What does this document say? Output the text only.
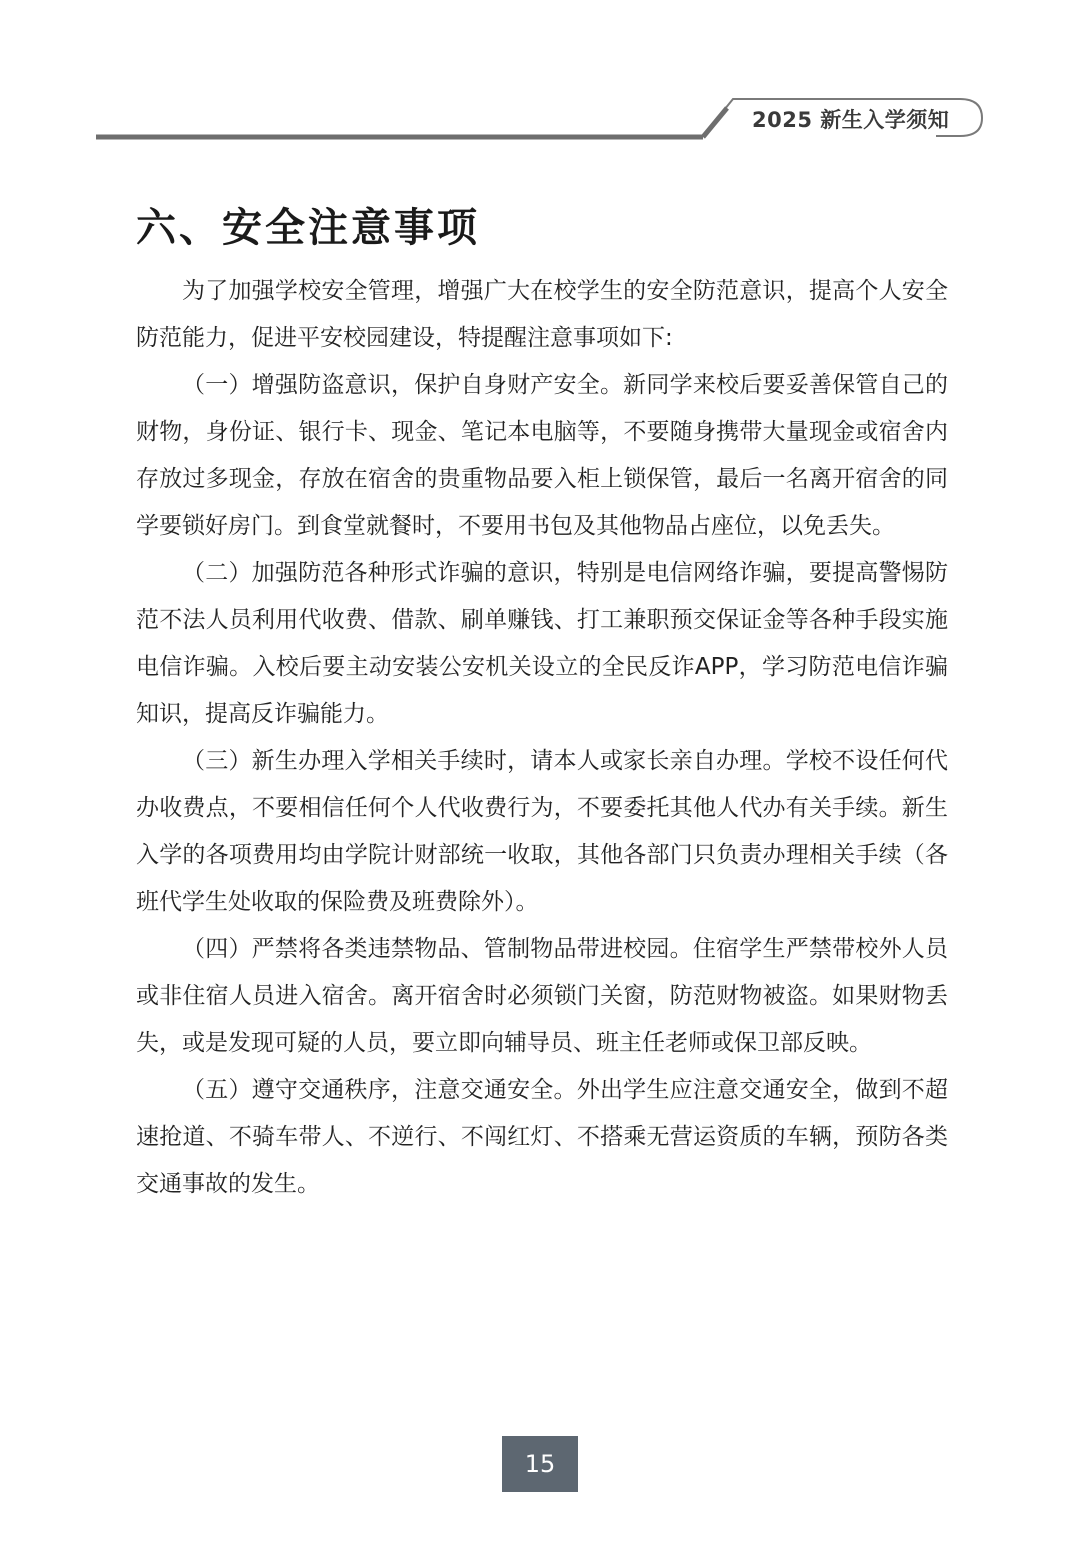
2025 新生入学须知
六、安全注意事项

为了加强学校安全管理，增强广大在校学生的安全防范意识，提高个人安全防范能力，促进平安校园建设，特提醒注意事项如下:

（一）增强防盗意识，保护自身财产安全。新同学来校后要妥善保管自己的财物，身份证、银行卡、现金、笔记本电脑等，不要随身携带大量现金或宿舍内存放过多现金，存放在宿舍的贵重物品要入柜上锁保管，最后一名离开宿舍的同学要锁好房门。到食堂就餐时，不要用书包及其他物品占座位，以免丢失。

（二）加强防范各种形式诈骗的意识，特别是电信网络诈骗，要提高警惕防范不法人员利用代收费、借款、刷单赚钱、打工兼职预交保证金等各种手段实施电信诈骗。入校后要主动安装公安机关设立的全民反诈APP，学习防范电信诈骗知识，提高反诈骗能力。

（三）新生办理入学相关手续时，请本人或家长亲自办理。学校不设任何代办收费点，不要相信任何个人代收费行为，不要委托其他人代办有关手续。新生入学的各项费用均由学院计财部统一收取，其他各部门只负责办理相关手续（各班代学生处收取的保险费及班费除外）。

（四）严禁将各类违禁物品、管制物品带进校园。住宿学生严禁带校外人员或非住宿人员进入宿舍。离开宿舍时必须锁门关窗，防范财物被盗。如果财物丢失，或是发现可疑的人员，要立即向辅导员、班主任老师或保卫部反映。

（五）遵守交通秩序，注意交通安全。外出学生应注意交通安全，做到不超速抢道、不骑车带人、不逆行、不闯红灯、不搭乘无营运资质的车辆，预防各类交通事故的发生。

15
